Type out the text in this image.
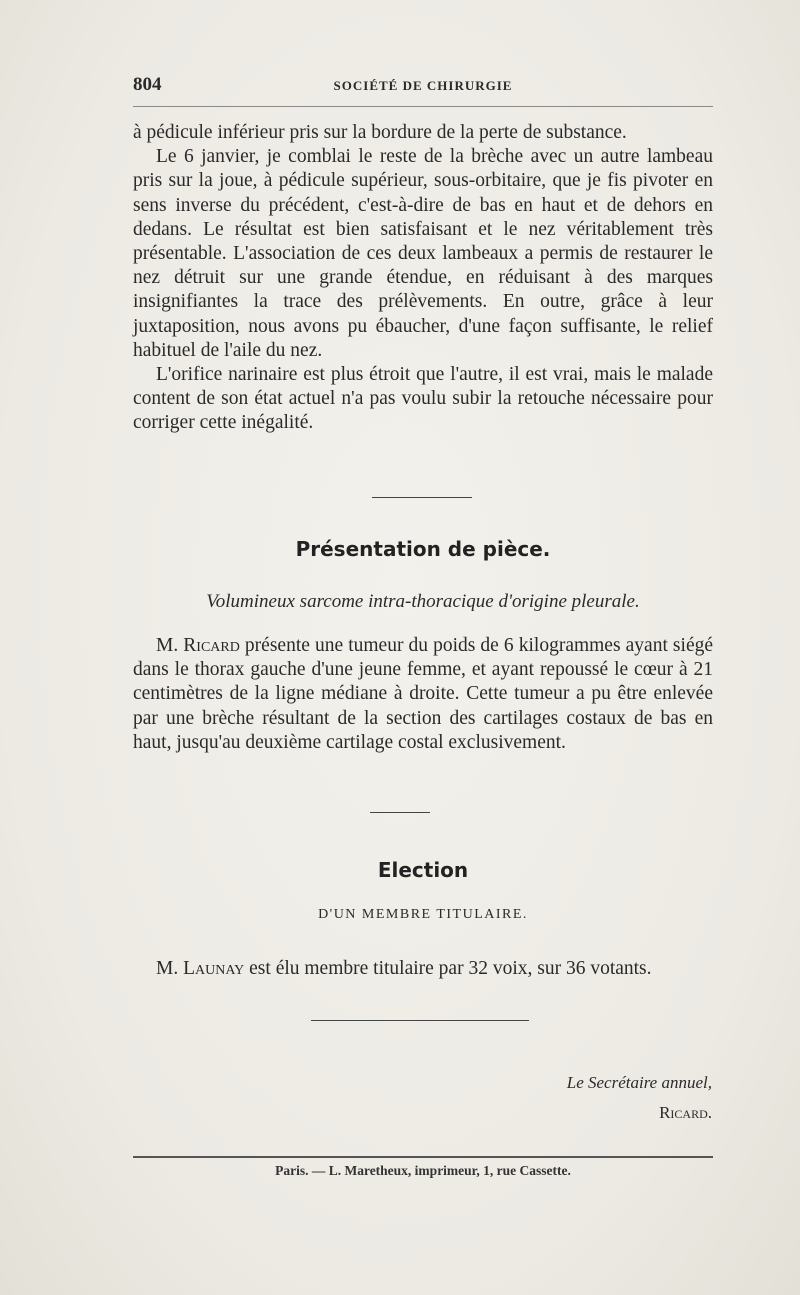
804	SOCIÉTÉ DE CHIRURGIE

à pédicule inférieur pris sur la bordure de la perte de substance.

Le 6 janvier, je comblai le reste de la brèche avec un autre lambeau pris sur la joue, à pédicule supérieur, sous-orbitaire, que je fis pivoter en sens inverse du précédent, c'est-à-dire de bas en haut et de dehors en dedans. Le résultat est bien satisfaisant et le nez véritablement très présentable. L'association de ces deux lambeaux a permis de restaurer le nez détruit sur une grande étendue, en réduisant à des marques insignifiantes la trace des prélèvements. En outre, grâce à leur juxtaposition, nous avons pu ébaucher, d'une façon suffisante, le relief habituel de l'aile du nez.

L'orifice narinaire est plus étroit que l'autre, il est vrai, mais le malade content de son état actuel n'a pas voulu subir la retouche nécessaire pour corriger cette inégalité.

Présentation de pièce.
Volumineux sarcome intra-thoracique d'origine pleurale.

M. Ricard présente une tumeur du poids de 6 kilogrammes ayant siégé dans le thorax gauche d'une jeune femme, et ayant repoussé le cœur à 21 centimètres de la ligne médiane à droite. Cette tumeur a pu être enlevée par une brèche résultant de la section des cartilages costaux de bas en haut, jusqu'au deuxième cartilage costal exclusivement.

Election
D'UN MEMBRE TITULAIRE.

M. Launay est élu membre titulaire par 32 voix, sur 36 votants.

Le Secrétaire annuel,
Ricard.
Paris. — L. Maretheux, imprimeur, 1, rue Cassette.
